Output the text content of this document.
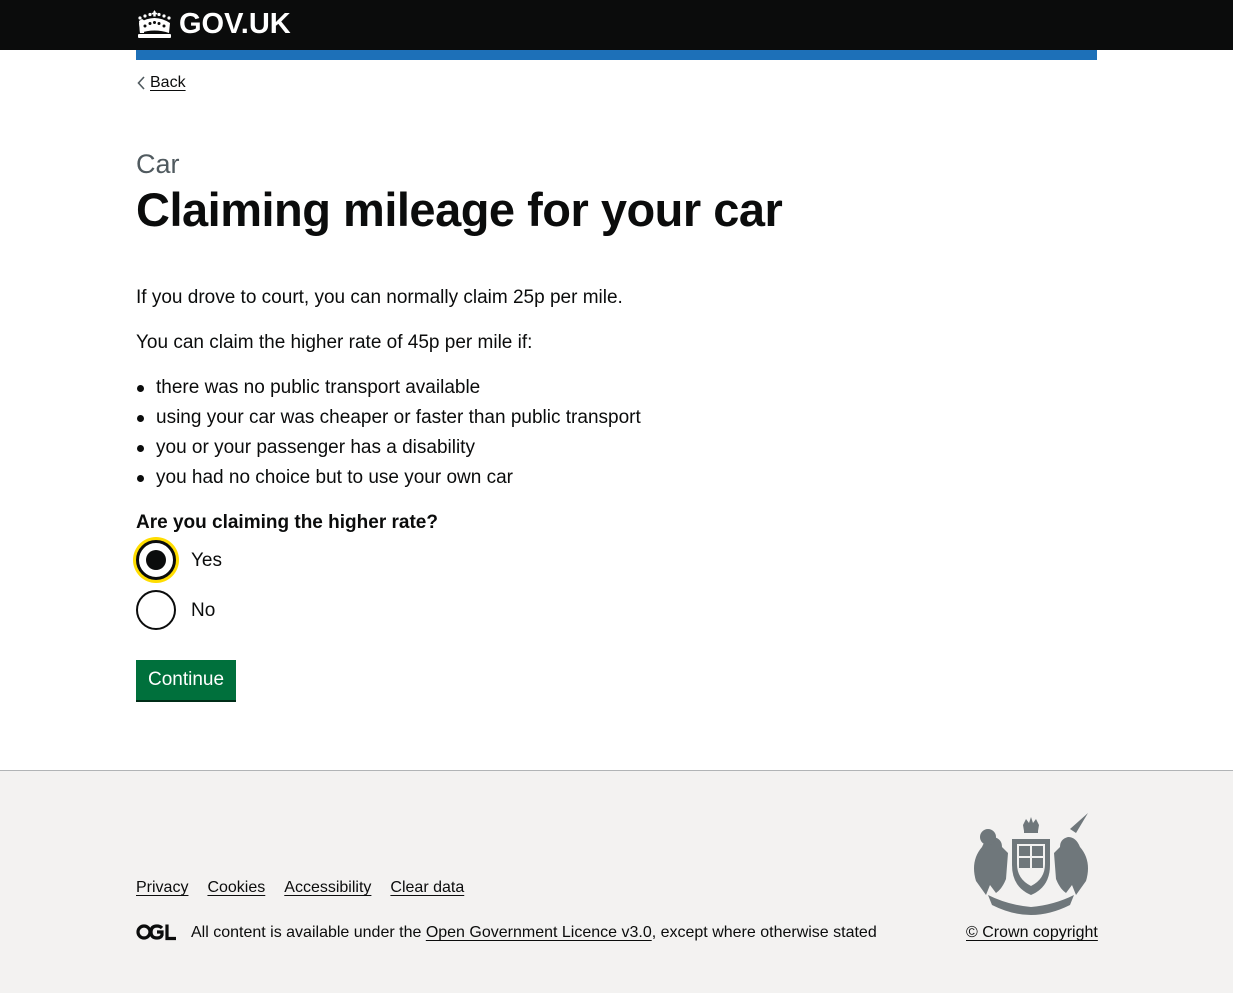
GOV.UK
Back
Car
Claiming mileage for your car

If you drove to court, you can normally claim 25p per mile.

You can claim the higher rate of 45p per mile if:

there was no public transport available
using your car was cheaper or faster than public transport
you or your passenger has a disability
you had no choice but to use your own car
Are you claiming the higher rate?
Yes
No
Continue
Privacy Cookies Accessibility Clear data
All content is available under the Open Government Licence v3.0, except where otherwise stated	© Crown copyright
